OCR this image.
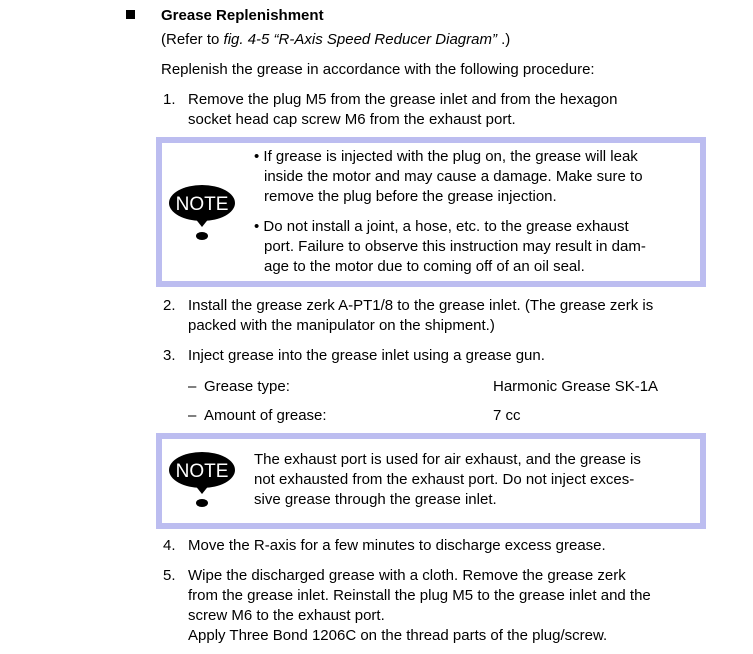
Grease Replenishment
(Refer to fig. 4-5 “R-Axis Speed Reducer Diagram” .)
Replenish the grease in accordance with the following procedure:
1. Remove the plug M5 from the grease inlet and from the hexagon
socket head cap screw M6 from the exhaust port.
NOTE
• If grease is injected with the plug on, the grease will leak
inside the motor and may cause a damage. Make sure to
remove the plug before the grease injection.
• Do not install a joint, a hose, etc. to the grease exhaust
port. Failure to observe this instruction may result in dam-
age to the motor due to coming off of an oil seal.
2. Install the grease zerk A-PT1/8 to the grease inlet. (The grease zerk is
packed with the manipulator on the shipment.)
3. Inject grease into the grease inlet using a grease gun.
– Grease type:	Harmonic Grease SK-1A
– Amount of grease:	7 cc
NOTE
The exhaust port is used for air exhaust, and the grease is
not exhausted from the exhaust port. Do not inject exces-
sive grease through the grease inlet.
4. Move the R-axis for a few minutes to discharge excess grease.
5. Wipe the discharged grease with a cloth. Remove the grease zerk
from the grease inlet. Reinstall the plug M5 to the grease inlet and the
screw M6 to the exhaust port.
Apply Three Bond 1206C on the thread parts of the plug/screw.
